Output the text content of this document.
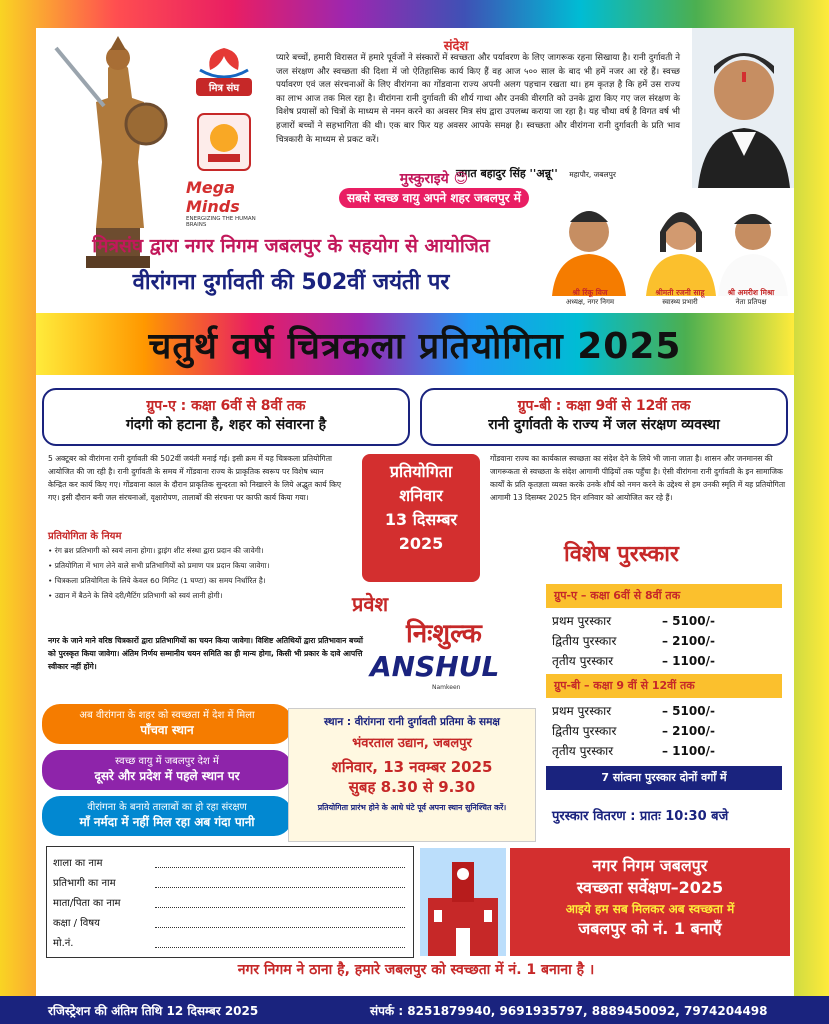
मित्र संघ
Mega Minds
ENERGIZING THE HUMAN BRAINS
संदेश
प्यारे बच्चों, हमारी विरासत में हमारे पूर्वजों ने संस्कारों में स्वच्छता और पर्यावरण के लिए जागरूक रहना सिखाया है। रानी दुर्गावती ने जल संरक्षण और स्वच्छता की दिशा में जो ऐतिहासिक कार्य किए हैं वह आज ५०० साल के बाद भी हमें नजर आ रहे हैं। स्वच्छ पर्यावरण एवं जल संरचनाओं के लिए वीरांगना का गोंडवाना राज्य अपनी अलग पहचान रखता था। हम कृतज्ञ है कि हमें उस राज्य का लाभ आज तक मिल रहा है। वीरांगना रानी दुर्गावती की शौर्य गाथा और उनकी वीरगति को उनके द्वारा किए गए जल संरक्षण के विशेष प्रयासों को चित्रों के माध्यम से नमन करने का अवसर मित्र संघ द्वारा उपलब्ध कराया जा रहा है। यह चौथा वर्ष है विगत वर्ष भी हजारों बच्चों ने सहभागिता की थी। एक बार फिर यह अवसर आपके समक्ष है। स्वच्छता और वीरांगना रानी दुर्गावती के प्रति भाव चित्रकारी के माध्यम से प्रकट करें।
जगत बहादुर सिंह ''अन्नू'' महापौर, जबलपुर
मुस्कुराइये 😊
सबसे स्वच्छ वायु अपने शहर जबलपुर में
मित्रसंघ द्वारा नगर निगम जबलपुर के सहयोग से आयोजित
वीरांगना दुर्गावती की 502वीं जयंती पर	श्री रिंकू विज
अध्यक्ष, नगर निगम
श्रीमती रजनी साहू
स्वास्थ्य प्रभारी
श्री अमरीश मिश्रा
नेता प्रतिपक्ष
चतुर्थ वर्ष चित्रकला प्रतियोगिता 2025
ग्रुप-ए : कक्षा 6वीं से 8वीं तक
गंदगी को हटाना है, शहर को संवारना है
ग्रुप-बी : कक्षा 9वीं से 12वीं तक
रानी दुर्गावती के राज्य में जल संरक्षण व्यवस्था
5 अक्टूबर को वीरांगना रानी दुर्गावती की 502वीं जयंती मनाई गई। इसी क्रम में यह चित्रकला प्रतियोगिता आयोजित की जा रही है। रानी दुर्गावती के समय में गोंडवाना राज्य के प्राकृतिक स्वरूप पर विशेष ध्यान केन्द्रित कर कार्य किए गए। गोंडवाना काल के दौरान प्राकृतिक सुन्दरता को निखारने के लिये अद्भुत कार्य किए गए। इसी दौरान बनी जल संरचनाओं, वृक्षारोपण, तालाबों की संरचना पर काफी कार्य किया गया।
गोंडवाना राज्य का कार्यकाल स्वच्छता का संदेश देने के लिये भी जाना जाता है। शासन और जनमानस की जागरूकता से स्वच्छता के संदेश आगामी पीढ़ियों तक पहुँचा है। ऐसी वीरांगना रानी दुर्गावती के इन सामाजिक कार्यों के प्रति कृतज्ञता व्यक्त करके उनके शौर्य को नमन करने के उद्देश्य से हम उनकी स्मृति में यह प्रतियोगिता आगामी 13 दिसम्बर 2025 दिन शनिवार को आयोजित कर रहे हैं।
प्रतियोगिता
शनिवार
13 दिसम्बर
2025
प्रतियोगिता के नियम
• रंग ब्रश प्रतिभागी को स्वयं लाना होगा। ड्राइंग शीट संस्था द्वारा प्रदान की जावेगी।
• प्रतियोगिता में भाग लेने वाले सभी प्रतिभागियों को प्रमाण पत्र प्रदान किया जावेगा।
• चित्रकला प्रतियोगिता के लिये केवल 60 मिनिट (1 घण्टा) का समय निर्धारित है।
• उद्यान में बैठने के लिये दरी/मैटिंग प्रतिभागी को स्वयं लानी होगी।
नगर के जाने माने वरिष्ठ चित्रकारों द्वारा प्रतिभागियों का चयन किया जावेगा। विशिष्ट अतिथियों द्वारा प्रतिभावान बच्चों को पुरस्कृत किया जावेगा। अंतिम निर्णय सम्मानीय चयन समिति का ही मान्य होगा, किसी भी प्रकार के दावे आपत्ति स्वीकार नहीं होंगे।
प्रवेश
निःशुल्क
ANSHUL
Namkeen
विशेष पुरस्कार
ग्रुप-ए – कक्षा 6वीं से 8वीं तक
प्रथम पुरस्कार	– 5100/-
द्वितीय पुरस्कार	– 2100/-
तृतीय पुरस्कार	– 1100/-
ग्रुप-बी – कक्षा 9 वीं से 12वीं तक
प्रथम पुरस्कार	– 5100/-
द्वितीय पुरस्कार	– 2100/-
तृतीय पुरस्कार	– 1100/-
7 सांत्वना पुरस्कार दोनों वर्गों में
पुरस्कार वितरण : प्रातः 10:30 बजे
अब वीरांगना के शहर को स्वच्छता में देश में मिला
पाँचवा स्थान
स्वच्छ वायु में जबलपुर देश में
दूसरे और प्रदेश में पहले स्थान पर
वीरांगना के बनाये तालाबों का हो रहा संरक्षण
माँ नर्मदा में नहीं मिल रहा अब गंदा पानी
स्थान : वीरांगना रानी दुर्गावती प्रतिमा के समक्ष
भंवरताल उद्यान, जबलपुर
शनिवार, 13 नवम्बर 2025
सुबह 8.30 से 9.30
प्रतियोगिता प्रारंभ होने के आधे घंटे पूर्व अपना स्थान सुनिश्चित करें।
शाला का नाम
प्रतिभागी का नाम
माता/पिता का नाम
कक्षा / विषय
मो.नं.
नगर निगम जबलपुर
स्वच्छता सर्वेक्षण–2025
आइये हम सब मिलकर अब स्वच्छता में
जबलपुर को नं. 1 बनाएँ
नगर निगम ने ठाना है, हमारे जबलपुर को स्वच्छता में नं. 1 बनाना है ।
रजिस्ट्रेशन की अंतिम तिथि 12 दिसम्बर 2025	संपर्क : 8251879940, 9691935797, 8889450092, 7974204498
